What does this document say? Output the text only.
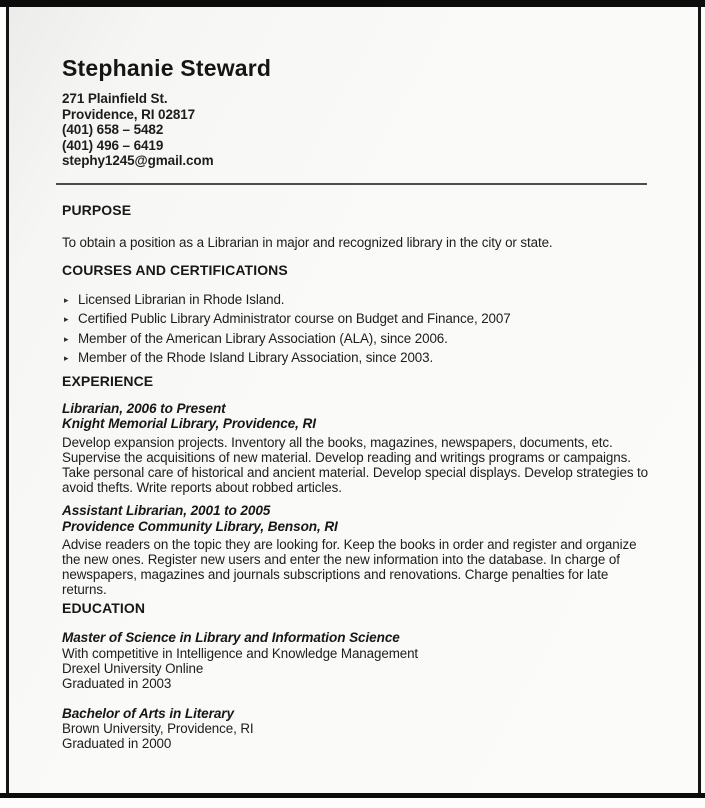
Stephanie Steward
271 Plainfield St.
Providence, RI 02817
(401) 658 – 5482
(401) 496 – 6419
stephy1245@gmail.com
PURPOSE

To obtain a position as a Librarian in major and recognized library in the city or state.

COURSES AND CERTIFICATIONS
▸ Licensed Librarian in Rhode Island.
▸ Certified Public Library Administrator course on Budget and Finance, 2007
▸ Member of the American Library Association (ALA), since 2006.
▸ Member of the Rhode Island Library Association, since 2003.
EXPERIENCE
Librarian, 2006 to Present
Knight Memorial Library, Providence, RI

Develop expansion projects. Inventory all the books, magazines, newspapers, documents, etc. Supervise the acquisitions of new material. Develop reading and writings programs or campaigns. Take personal care of historical and ancient material. Develop special displays. Develop strategies to avoid thefts. Write reports about robbed articles.

Assistant Librarian, 2001 to 2005
Providence Community Library, Benson, RI

Advise readers on the topic they are looking for. Keep the books in order and register and organize the new ones. Register new users and enter the new information into the database. In charge of newspapers, magazines and journals subscriptions and renovations. Charge penalties for late returns.

EDUCATION
Master of Science in Library and Information Science
With competitive in Intelligence and Knowledge Management
Drexel University Online
Graduated in 2003
Bachelor of Arts in Literary
Brown University, Providence, RI
Graduated in 2000
